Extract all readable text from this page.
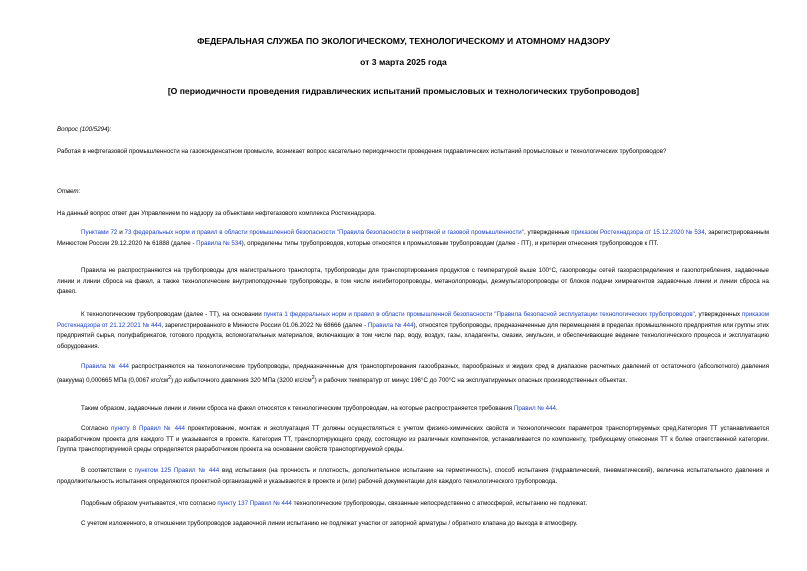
ФЕДЕРАЛЬНАЯ СЛУЖБА ПО ЭКОЛОГИЧЕСКОМУ, ТЕХНОЛОГИЧЕСКОМУ И АТОМНОМУ НАДЗОРУ
от 3 марта 2025 года
[О периодичности проведения гидравлических испытаний промысловых и технологических трубопроводов]
Вопрос (100/5294):
Работая в нефтегазовой промышленности на газоконденсатном промысле, возникает вопрос касательно периодичности проведения гидравлических испытаний промысловых и технологических трубопроводов?
Ответ:
На данный вопрос ответ дан Управлением по надзору за объектами нефтегазового комплекса Ростехнадзора.
Пунктами 72 и 73 федеральных норм и правил в области промышленной безопасности "Правила безопасности в нефтяной и газовой промышленности", утвержденные приказом Ростехнадзора от 15.12.2020 № 534, зарегистрированным Минюстом России 29.12.2020 № 61888 (далее - Правила № 534), определены типы трубопроводов, которые относятся к промысловым трубопроводам (далее - ПТ), и критерии отнесения трубопроводов к ПТ.
Правила не распространяются на трубопроводы для магистрального транспорта, трубопроводы для транспортирования продуктов с температурой выше 100°С, газопроводы сетей газораспределения и газопотребления, задавочные линии и линии сброса на факел, а также технологические внутрипоподочные трубопроводы, в том числе ингибиторопроводы, метанолопроводы, деэмульгаторопроводы от блоков подачи химреагентов задавочные линии и линии сброса на факел.
К технологическим трубопроводам (далее - ТТ), на основании пункта 1 федеральных норм и правил в области промышленной безопасности "Правила безопасной эксплуатации технологических трубопроводов", утвержденных приказом Ростехнадзора от 21.12.2021 № 444, зарегистрированного в Минюсте России 01.06.2022 № 68666 (далее - Правила № 444), относятся трубопроводы, предназначенные для перемещения в пределах промышленного предприятия или группы этих предприятий сырья, полуфабрикатов, готового продукта, вспомогательных материалов, включающих в том числе пар, воду, воздух, газы, хладагенты, смазки, эмульсии, и обеспечивающие ведение технологического процесса и эксплуатацию оборудования.
Правила № 444 распространяются на технологические трубопроводы, предназначенные для транспортирования газообразных, парообразных и жидких сред в диапазоне расчетных давлений от остаточного (абсолютного) давления (вакуума) 0,000665 МПа (0,0067 кгс/$см^2$) до избыточного давления 320 МПа (3200 кгс/$см^2$) и рабочих температур от минус 196°С до 700°С на эксплуатируемых опасных производственных объектах.
Таким образом, задавочные линии и линии сброса на факел относятся к технологическим трубопроводам, на которые распространяется требования Правил № 444.
Согласно пункту 8 Правил № 444 проектирование, монтаж и эксплуатация ТТ должны осуществляться с учетом физико-химических свойств и технологических параметров транспортируемых сред.Категория ТТ устанавливается разработчиком проекта для каждого ТТ и указывается в проекте. Категория ТТ, транспортирующего среду, состоящую из различных компонентов, устанавливается по компоненту, требующему отнесения ТТ к более ответственной категории. Группа транспортируемой среды определяется разработчиком проекта на основании свойств транспортируемой среды.
В соответствии с пунктом 125 Правил № 444 вид испытания (на прочность и плотность, дополнительное испытание на герметичность), способ испытания (гидравлический, пневматический), величина испытательного давления и продолжительность испытания определяются проектной организацией и указываются в проекте и (или) рабочей документации для каждого технологического трубопровода.
Подобным образом учитывается, что согласно пункту 137 Правил № 444 технологические трубопроводы, связанные непосредственно с атмосферой, испытанию не подлежат.
С учетом изложенного, в отношении трубопроводов задавочной линии испытанию не подлежат участки от запорной арматуры / обратного клапана до выхода в атмосферу.
